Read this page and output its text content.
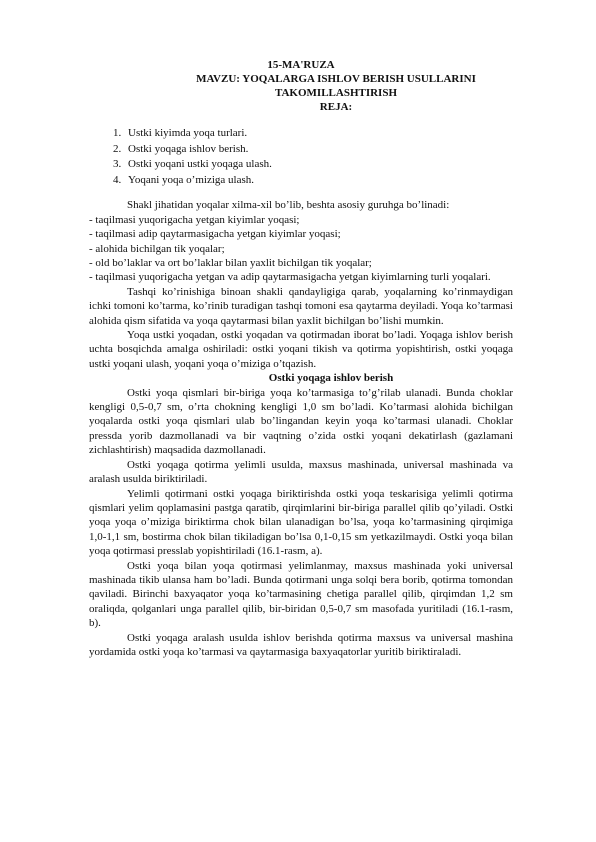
15-MA'RUZA
MAVZU: YOQALARGA ISHLOV BERISH USULLARINI
TAKOMILLASHTIRISH
REJA:
1. Ustki kiyimda yoqa turlari.
2. Ostki yoqaga ishlov berish.
3. Ostki yoqani ustki yoqaga ulash.
4. Yoqani yoqa o’miziga ulash.

Shakl jihatidan yoqalar xilma-xil bo’lib, beshta asosiy guruhga bo’linadi:

- taqilmasi yuqorigacha yetgan kiyimlar yoqasi;
- taqilmasi adip qaytarmasigacha yetgan kiyimlar yoqasi;
- alohida bichilgan tik yoqalar;
- old bo’laklar va ort bo’laklar bilan yaxlit bichilgan tik yoqalar;
- taqilmasi yuqorigacha yetgan va adip qaytarmasigacha yetgan kiyimlarning turli yoqalari.

Tashqi ko’rinishiga binoan shakli qandayligiga qarab, yoqalarning ko’rinmaydigan ichki tomoni ko’tarma, ko’rinib turadigan tashqi tomoni esa qaytarma deyiladi. Yoqa ko’tarmasi alohida qism sifatida va yoqa qaytarmasi bilan yaxlit bichilgan bo’lishi mumkin.

Yoqa ustki yoqadan, ostki yoqadan va qotirmadan iborat bo’ladi. Yoqaga ishlov berish uchta bosqichda amalga oshiriladi: ostki yoqani tikish va qotirma yopishtirish, ostki yoqaga ustki yoqani ulash, yoqani yoqa o’miziga o’tqazish.

Ostki yoqaga ishlov berish

Ostki yoqa qismlari bir-biriga yoqa ko’tarmasiga to’g’rilab ulanadi. Bunda choklar kengligi 0,5-0,7 sm, o’rta chokning kengligi 1,0 sm bo’ladi. Ko’tarmasi alohida bichilgan yoqalarda ostki yoqa qismlari ulab bo’lingandan keyin yoqa ko’tarmasi ulanadi. Choklar pressda yorib dazmollanadi va bir vaqtning o’zida ostki yoqani dekatirlash (gazlamani zichlashtirish) maqsadida dazmollanadi.

Ostki yoqaga qotirma yelimli usulda, maxsus mashinada, universal mashinada va aralash usulda biriktiriladi.

Yelimli qotirmani ostki yoqaga biriktirishda ostki yoqa teskarisiga yelimli qotirma qismlari yelim qoplamasini pastga qaratib, qirqimlarini bir-biriga parallel qilib qo’yiladi. Ostki yoqa yoqa o’miziga biriktirma chok bilan ulanadigan bo’lsa, yoqa ko’tarmasining qirqimiga 1,0-1,1 sm, bostirma chok bilan tikiladigan bo’lsa 0,1-0,15 sm yetkazilmaydi. Ostki yoqa bilan yoqa qotirmasi presslab yopishtiriladi (16.1-rasm, a).

Ostki yoqa bilan yoqa qotirmasi yelimlanmay, maxsus mashinada yoki universal mashinada tikib ulansa ham bo’ladi. Bunda qotirmani unga solqi bera borib, qotirma tomondan qaviladi. Birinchi baxyaqator yoqa ko’tarmasining chetiga parallel qilib, qirqimdan 1,2 sm oraliqda, qolganlari unga parallel qilib, bir-biridan 0,5-0,7 sm masofada yuritiladi (16.1-rasm, b).

Ostki yoqaga aralash usulda ishlov berishda qotirma maxsus va universal mashina yordamida ostki yoqa ko’tarmasi va qaytarmasiga baxyaqatorlar yuritib biriktiraladi.
